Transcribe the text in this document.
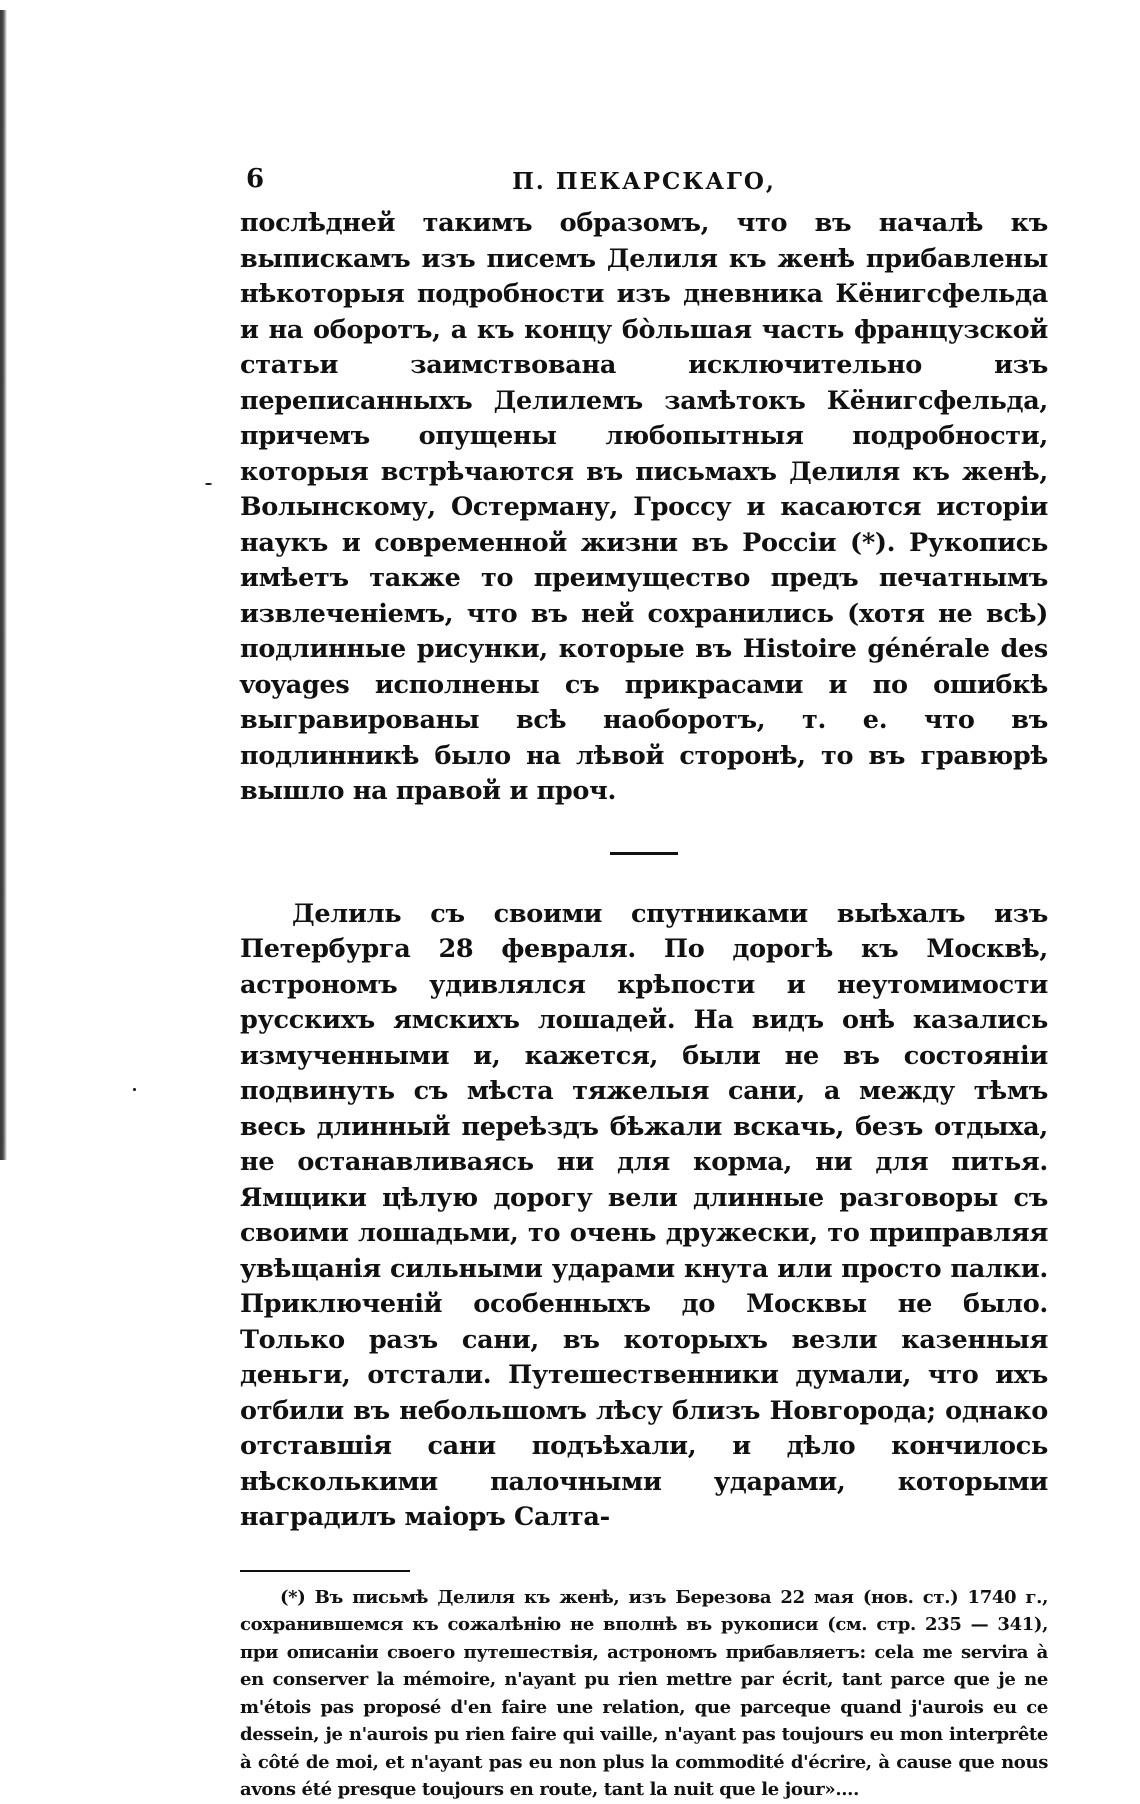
6	П. ПЕКАРСКАГО,

послѣдней такимъ образомъ, что въ началѣ къ выпискамъ изъ писемъ Делиля къ женѣ прибавлены нѣкоторыя подробности изъ дневника Кёнигсфельда и на оборотъ, а къ концу бо̀льшая часть французской статьи заимствована исключительно изъ переписанныхъ Делилемъ замѣтокъ Кёнигсфельда, причемъ опущены любопытныя подробности, которыя встрѣчаются въ письмахъ Делиля къ женѣ, Волынскому, Остерману, Гроссу и касаются исторіи наукъ и современной жизни въ Россіи (*). Рукопись имѣетъ также то преимущество предъ печатнымъ извлеченіемъ, что въ ней сохранились (хотя не всѣ) подлинные рисунки, которые въ Histoire générale des voyages исполнены съ прикрасами и по ошибкѣ выгравированы всѣ наоборотъ, т. е. что въ подлинникѣ было на лѣвой сторонѣ, то въ гравюрѣ вышло на правой и проч.

Делиль съ своими спутниками выѣхалъ изъ Петербурга 28 февраля. По дорогѣ къ Москвѣ, астрономъ удивлялся крѣпости и неутомимости русскихъ ямскихъ лошадей. На видъ онѣ казались измученными и, кажется, были не въ состояніи подвинуть съ мѣста тяжелыя сани, а между тѣмъ весь длинный переѣздъ бѣжали вскачь, безъ отдыха, не останавливаясь ни для корма, ни для питья. Ямщики цѣлую дорогу вели длинные разговоры съ своими лошадьми, то очень дружески, то приправляя увѣщанія сильными ударами кнута или просто палки. Приключеній особенныхъ до Москвы не было. Только разъ сани, въ которыхъ везли казенныя деньги, отстали. Путешественники думали, что ихъ отбили въ небольшомъ лѣсу близъ Новгорода; однако отставшія сани подъѣхали, и дѣло кончилось нѣсколькими палочными ударами, которыми наградилъ маіоръ Салта-

(*) Въ письмѣ Делиля къ женѣ, изъ Березова 22 мая (нов. ст.) 1740 г., сохранившемся къ сожалѣнію не вполнѣ въ рукописи (см. стр. 235 — 341), при описаніи своего путешествія, астрономъ прибавляетъ: cela me servira à en conserver la mémoire, n'ayant pu rien mettre par écrit, tant parce que je ne m'étois pas proposé d'en faire une relation, que parceque quand j'aurois eu ce dessein, je n'aurois pu rien faire qui vaille, n'ayant pas toujours eu mon interprête à côté de moi, et n'ayant pas eu non plus la commodité d'écrire, à cause que nous avons été presque toujours en route, tant la nuit que le jour»....
